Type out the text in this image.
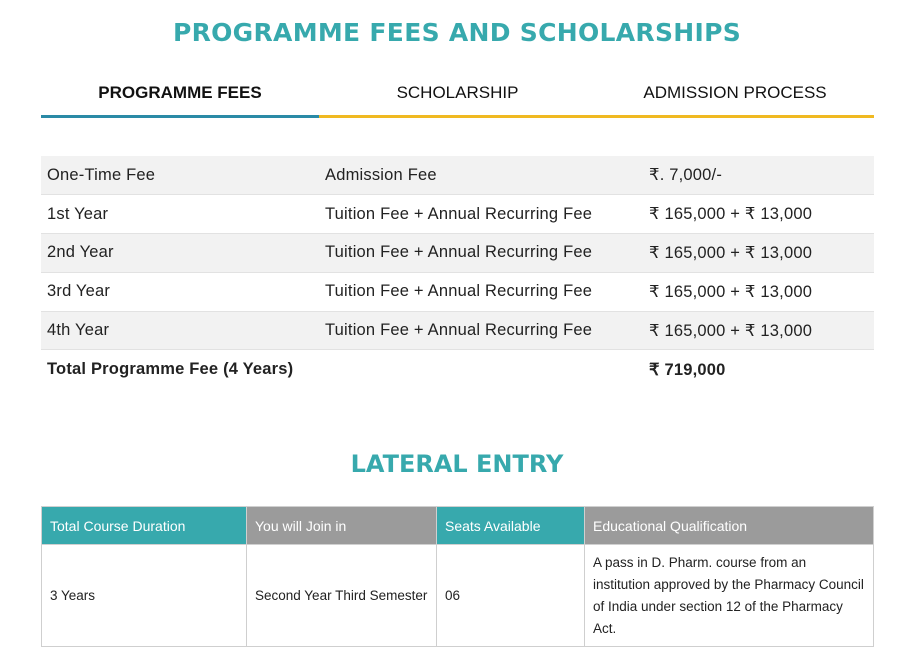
PROGRAMME FEES AND SCHOLARSHIPS
PROGRAMME FEES	SCHOLARSHIP	ADMISSION PROCESS
One-Time Fee	Admission Fee	₹. 7,000/-
1st Year	Tuition Fee + Annual Recurring Fee	₹ 165,000 + ₹ 13,000
2nd Year	Tuition Fee + Annual Recurring Fee	₹ 165,000 + ₹ 13,000
3rd Year	Tuition Fee + Annual Recurring Fee	₹ 165,000 + ₹ 13,000
4th Year	Tuition Fee + Annual Recurring Fee	₹ 165,000 + ₹ 13,000
Total Programme Fee (4 Years)		₹ 719,000
LATERAL ENTRY
Total Course Duration	You will Join in	Seats Available	Educational Qualification
3 Years	Second Year Third Semester	06	A pass in D. Pharm. course from an institution approved by the Pharmacy Council of India under section 12 of the Pharmacy Act.
